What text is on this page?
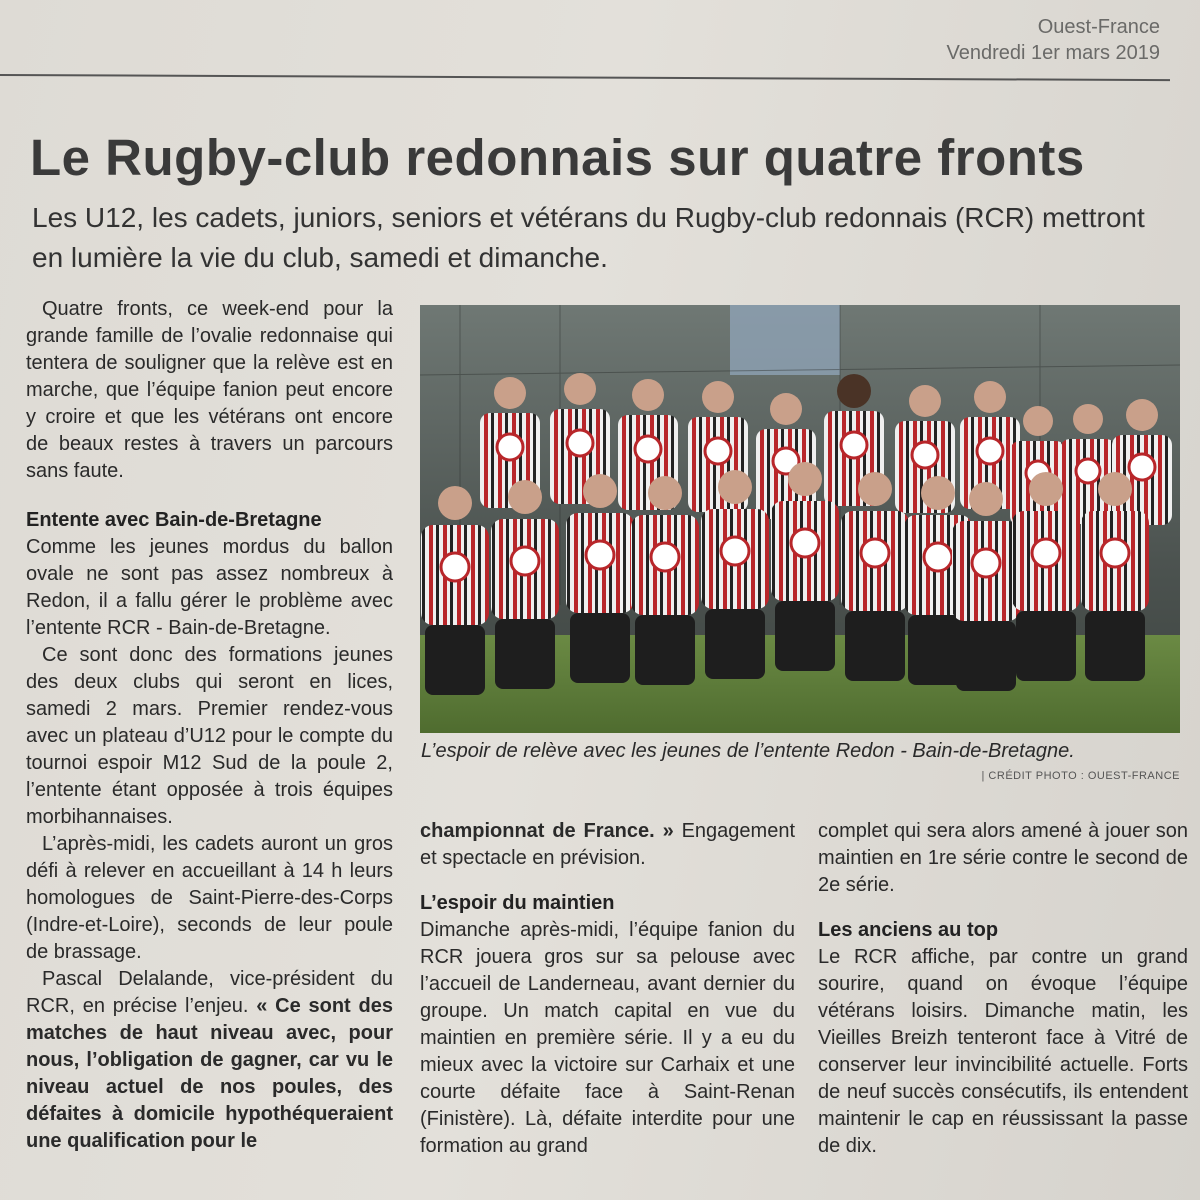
Ouest-France
Vendredi 1er mars 2019
Le Rugby-club redonnais sur quatre fronts
Les U12, les cadets, juniors, seniors et vétérans du Rugby-club redonnais (RCR) mettront en lumière la vie du club, samedi et dimanche.

Quatre fronts, ce week-end pour la grande famille de l’ovalie redonnaise qui tentera de souligner que la relève est en marche, que l’équipe fanion peut encore y croire et que les vétérans ont encore de beaux restes à travers un parcours sans faute.

Entente avec Bain-de-Bretagne

Comme les jeunes mordus du ballon ovale ne sont pas assez nombreux à Redon, il a fallu gérer le problème avec l’entente RCR - Bain-de-Bretagne.

Ce sont donc des formations jeunes des deux clubs qui seront en lices, samedi 2 mars. Premier rendez-vous avec un plateau d’U12 pour le compte du tournoi espoir M12 Sud de la poule 2, l’entente étant opposée à trois équipes morbihannaises.

L’après-midi, les cadets auront un gros défi à relever en accueillant à 14 h leurs homologues de Saint-Pierre-des-Corps (Indre-et-Loire), seconds de leur poule de brassage.

Pascal Delalande, vice-président du RCR, en précise l’enjeu. « Ce sont des matches de haut niveau avec, pour nous, l’obligation de gagner, car vu le niveau actuel de nos poules, des défaites à domicile hypothéqueraient une qualification pour le

L’espoir de relève avec les jeunes de l’entente Redon - Bain-de-Bretagne.
| CRÉDIT PHOTO : OUEST-FRANCE

championnat de France. » Engagement et spectacle en prévision.

L’espoir du maintien

Dimanche après-midi, l’équipe fanion du RCR jouera gros sur sa pelouse avec l’accueil de Landerneau, avant dernier du groupe. Un match capital en vue du maintien en première série. Il y a eu du mieux avec la victoire sur Carhaix et une courte défaite face à Saint-Renan (Finistère). Là, défaite interdite pour une formation au grand

complet qui sera alors amené à jouer son maintien en 1re série contre le second de 2e série.

Les anciens au top

Le RCR affiche, par contre un grand sourire, quand on évoque l’équipe vétérans loisirs. Dimanche matin, les Vieilles Breizh tenteront face à Vitré de conserver leur invincibilité actuelle. Forts de neuf succès consécutifs, ils entendent maintenir le cap en réussissant la passe de dix.
